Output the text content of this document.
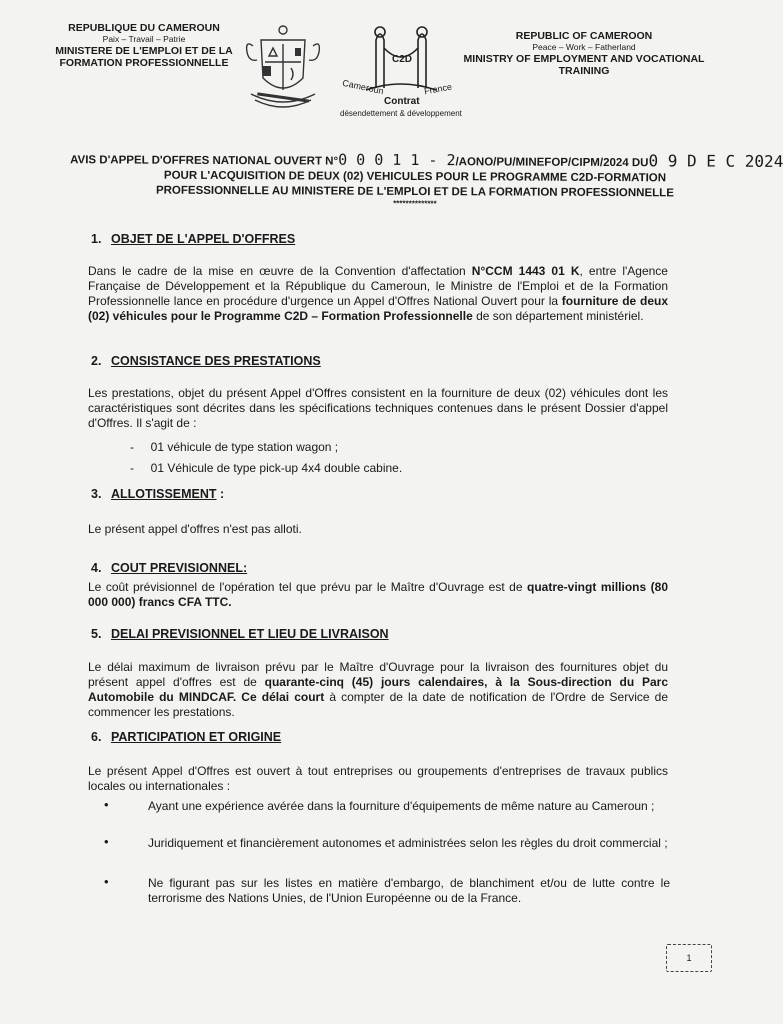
REPUBLIQUE DU CAMEROUN
Paix – Travail – Patrie
MINISTERE DE L'EMPLOI ET DE LA FORMATION PROFESSIONNELLE	C2D
Cameroun	France
Contrat
désendettement & développement
REPUBLIC OF CAMEROON
Peace – Work – Fatherland
MINISTRY OF EMPLOYMENT AND VOCATIONAL TRAINING
AVIS D'APPEL D'OFFRES NATIONAL OUVERT N°0 0 0 1 1 - 2/AONO/PU/MINEFOP/CIPM/2024 DU0 9 D E C 2024
POUR L'ACQUISITION DE DEUX (02) VEHICULES POUR LE PROGRAMME C2D-FORMATION
PROFESSIONNELLE AU MINISTERE DE L'EMPLOI ET DE LA FORMATION PROFESSIONNELLE
**************
1. OBJET DE L'APPEL D'OFFRES
Dans le cadre de la mise en œuvre de la Convention d'affectation N°CCM 1443 01 K, entre l'Agence Française de Développement et la République du Cameroun, le Ministre de l'Emploi et de la Formation Professionnelle lance en procédure d'urgence un Appel d'Offres National Ouvert pour la fourniture de deux (02) véhicules pour le Programme C2D – Formation Professionnelle de son département ministériel.
2. CONSISTANCE DES PRESTATIONS
Les prestations, objet du présent Appel d'Offres consistent en la fourniture de deux (02) véhicules dont les caractéristiques sont décrites dans les spécifications techniques contenues dans le présent Dossier d'appel d'Offres. Il s'agit de :
-     01 véhicule de type station wagon ;
-     01 Véhicule de type pick-up 4x4 double cabine.
3. ALLOTISSEMENT :
Le présent appel d'offres n'est pas alloti.
4. COUT PREVISIONNEL:
Le coût prévisionnel de l'opération tel que prévu par le Maître d'Ouvrage est de quatre-vingt millions (80 000 000) francs CFA TTC.
5. DELAI PREVISIONNEL ET LIEU DE LIVRAISON
Le délai maximum de livraison prévu par le Maître d'Ouvrage pour la livraison des fournitures objet du présent appel d'offres est de quarante-cinq (45) jours calendaires, à la Sous-direction du Parc Automobile du MINDCAF. Ce délai court à compter de la date de notification de l'Ordre de Service de commencer les prestations.
6. PARTICIPATION ET ORIGINE
Le présent Appel d'Offres est ouvert à tout entreprises ou groupements d'entreprises de travaux publics locales ou internationales :
•	Ayant une expérience avérée dans la fourniture d'équipements de même nature au Cameroun ;
•	Juridiquement et financièrement autonomes et administrées selon les règles du droit commercial ;
•	Ne figurant pas sur les listes en matière d'embargo, de blanchiment et/ou de lutte contre le terrorisme des Nations Unies, de l'Union Européenne ou de la France.
1
